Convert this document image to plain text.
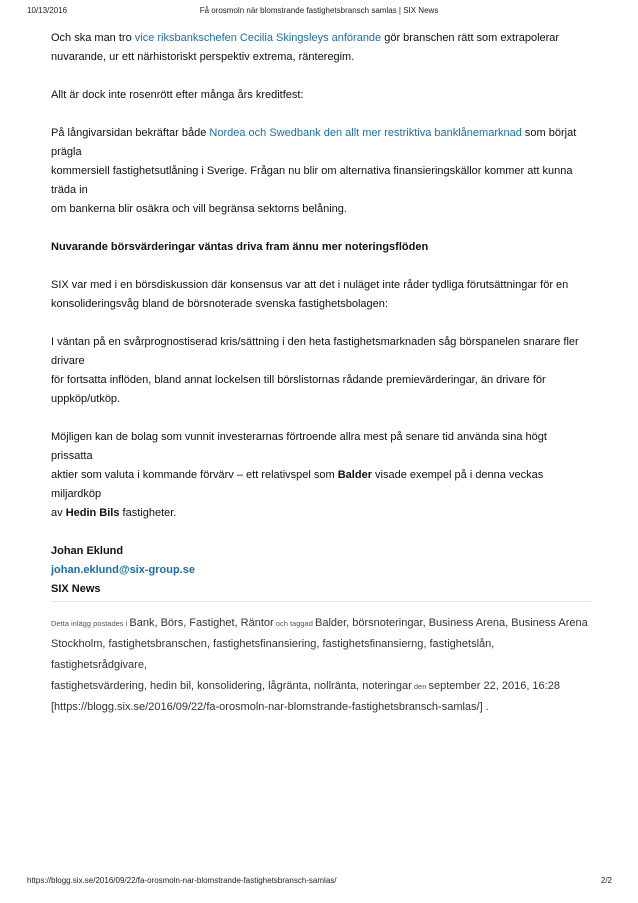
10/13/2016	Få orosmoln när blomstrande fastighetsbransch samlas | SIX News

Och ska man tro vice riksbankschefen Cecilia Skingsleys anförande gör branschen rätt som extrapolerar
nuvarande, ur ett närhistoriskt perspektiv extrema, ränteregim.

Allt är dock inte rosenrött efter många års kreditfest:

På långivarsidan bekräftar både Nordea och Swedbank den allt mer restriktiva banklånemarknad som börjat prägla
kommersiell fastighetsutlåning i Sverige. Frågan nu blir om alternativa finansieringskällor kommer att kunna träda in
om bankerna blir osäkra och vill begränsa sektorns belåning.

Nuvarande börsvärderingar väntas driva fram ännu mer noteringsflöden

SIX var med i en börsdiskussion där konsensus var att det i nuläget inte råder tydliga förutsättningar för en
konsolideringsvåg bland de börsnoterade svenska fastighetsbolagen:

I väntan på en svårprognostiserad kris/sättning i den heta fastighetsmarknaden såg börspanelen snarare fler drivare
för fortsatta inflöden, bland annat lockelsen till börslistornas rådande premievärderingar, än drivare för
uppköp/utköp.

Möjligen kan de bolag som vunnit investerarnas förtroende allra mest på senare tid använda sina högt prissatta
aktier som valuta i kommande förvärv – ett relativspel som Balder visade exempel på i denna veckas miljardköp
av Hedin Bils fastigheter.

Johan Eklund

johan.eklund@six-group.se

SIX News

Detta inlägg postades i Bank, Börs, Fastighet, Räntor och taggad Balder, börsnoteringar, Business Arena, Business Arena
Stockholm, fastighetsbranschen, fastighetsfinansiering, fastighetsfinansierng, fastighetslån, fastighetsrådgivare,
fastighetsvärdering, hedin bil, konsolidering, lågränta, nollränta, noteringar den september 22, 2016, 16:28
[https://blogg.six.se/2016/09/22/fa-orosmoln-nar-blomstrande-fastighetsbransch-samlas/] .

https://blogg.six.se/2016/09/22/fa-orosmoln-nar-blomstrande-fastighetsbransch-samlas/	2/2
